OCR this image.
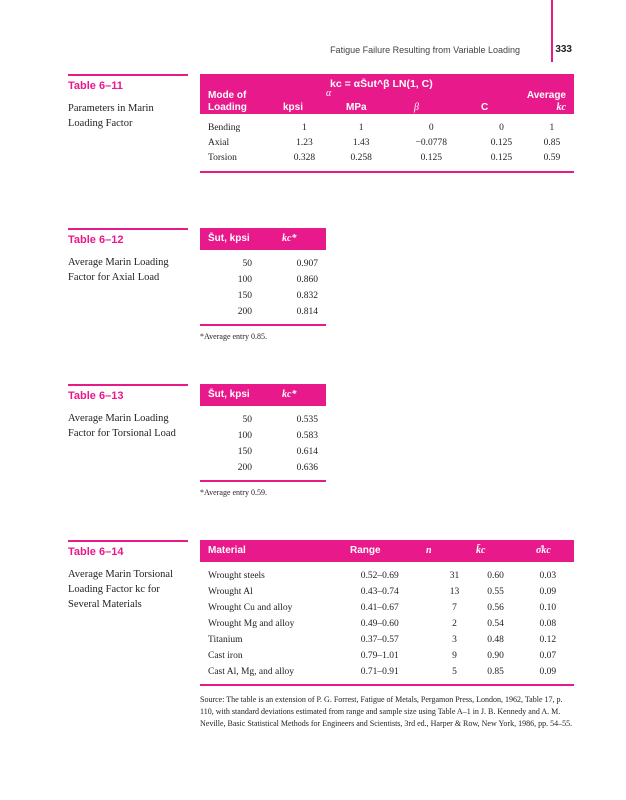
Fatigue Failure Resulting from Variable Loading	333
Table 6–11
Parameters in Marin Loading Factor
kc = αS̄ut^β LN(1, C)
α
Mode of Loading	kpsi	MPa	β	C
Average
kc
Bending	1	1	0	0	1
Axial	1.23	1.43	−0.0778	0.125	0.85
Torsion	0.328	0.258	0.125	0.125	0.59
Table 6–12
Average Marin Loading Factor for Axial Load
S̄ut, kpsi	kc*
50	0.907
100	0.860
150	0.832
200	0.814
*Average entry 0.85.
Table 6–13
Average Marin Loading Factor for Torsional Load
S̄ut, kpsi	kc*
50	0.535
100	0.583
150	0.614
200	0.636
*Average entry 0.59.
Table 6–14
Average Marin Torsional Loading Factor kc for Several Materials
Material	Range	n	k̄c	σ̂kc
Wrought steels	0.52–0.69	31	0.60	0.03
Wrought Al	0.43–0.74	13	0.55	0.09
Wrought Cu and alloy	0.41–0.67	7	0.56	0.10
Wrought Mg and alloy	0.49–0.60	2	0.54	0.08
Titanium	0.37–0.57	3	0.48	0.12
Cast iron	0.79–1.01	9	0.90	0.07
Cast Al, Mg, and alloy	0.71–0.91	5	0.85	0.09
Source: The table is an extension of P. G. Forrest, Fatigue of Metals, Pergamon Press, London, 1962, Table 17, p. 110, with standard deviations estimated from range and sample size using Table A–1 in J. B. Kennedy and A. M. Neville, Basic Statistical Methods for Engineers and Scientists, 3rd ed., Harper & Row, New York, 1986, pp. 54–55.
